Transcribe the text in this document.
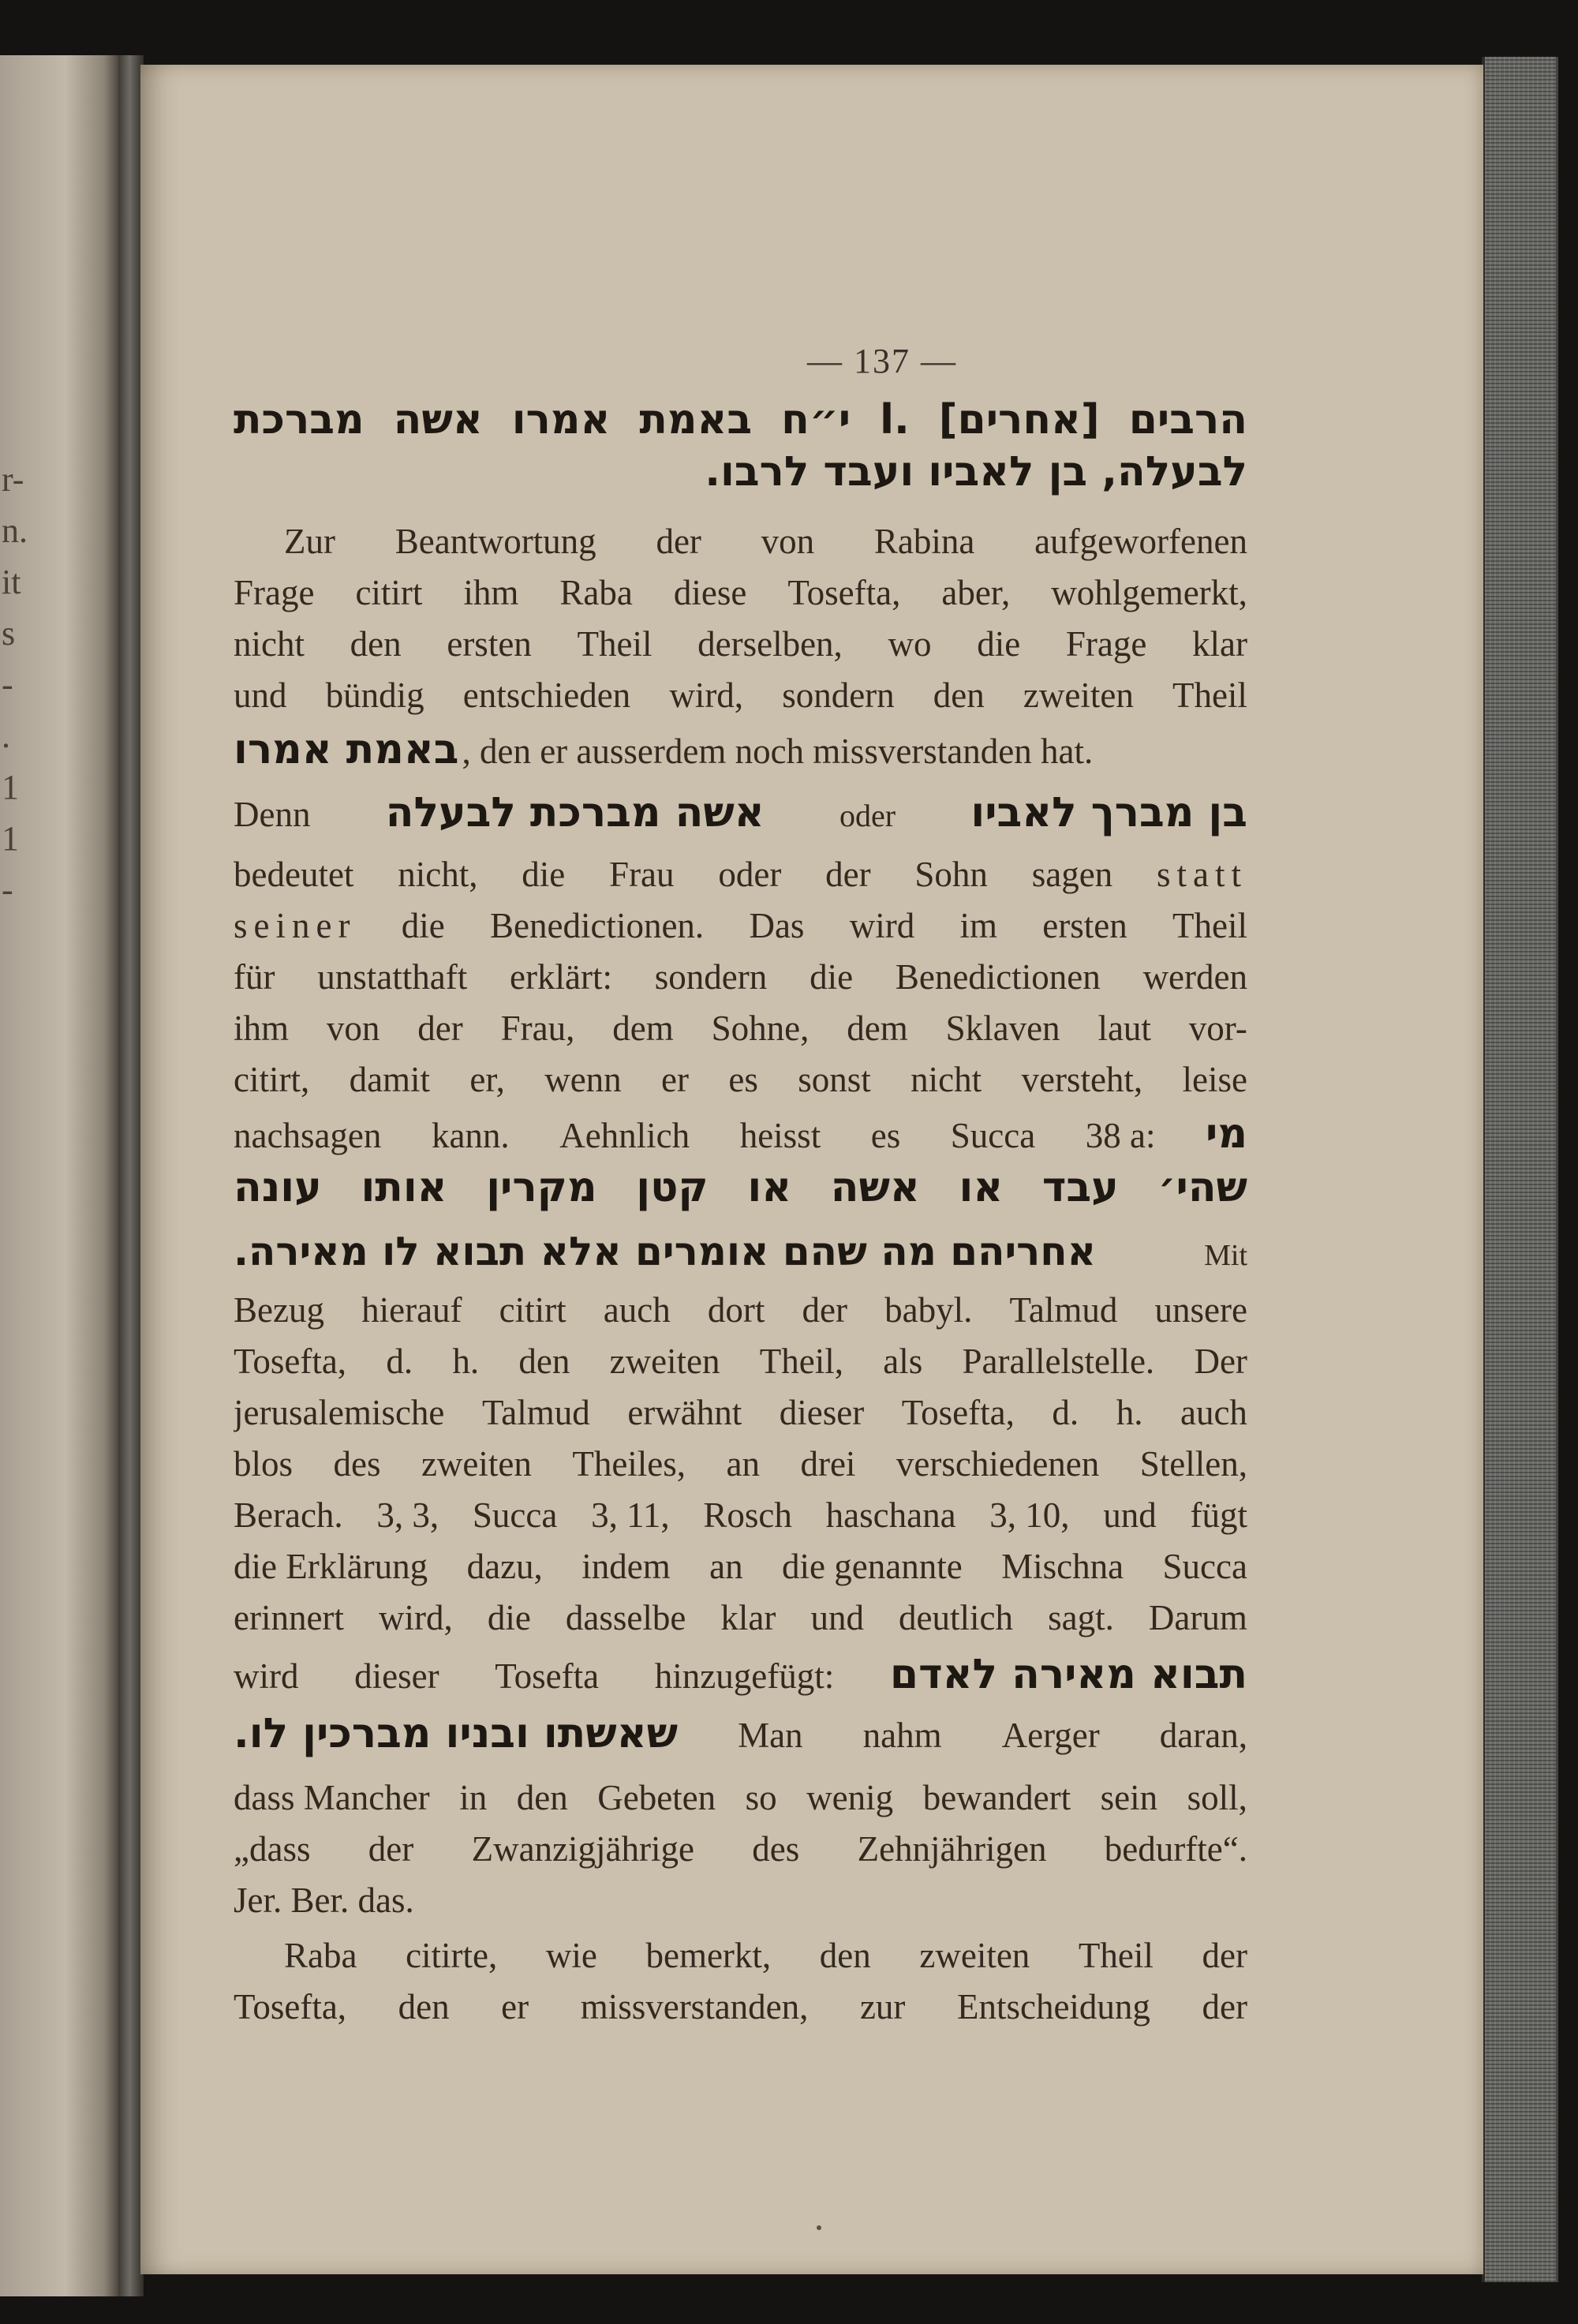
r-
n.
it
s
-
.
1
1
-
— 137 —
הרבים [אחרים] .l י״ח באמת אמרו אשה מברכת
לבעלה, בן לאביו ועבד לרבו.
Zur Beantwortung der von Rabina aufgeworfenen
Frage citirt ihm Raba diese Tosefta, aber, wohlgemerkt,
nicht den ersten Theil derselben, wo die Frage klar
und bündig entschieden wird, sondern den zweiten Theil
באמת אמרו , den er ausserdem noch missverstanden hat.
Denn אשה מברכת לבעלה oder בן מברך לאביו
bedeutet nicht, die Frau oder der Sohn sagen statt
seiner die Benedictionen. Das wird im ersten Theil
für unstatthaft erklärt: sondern die Benedictionen werden
ihm von der Frau, dem Sohne, dem Sklaven laut vor-
citirt, damit er, wenn er es sonst nicht versteht, leise
nachsagen kann. Aehnlich heisst es Succa 38 a: מי
שהי׳ עבד או אשה או קטן מקרין אותו עונה
אחריהם מה שהם אומרים אלא תבוא לו מאירה.	Mit
Bezug hierauf citirt auch dort der babyl. Talmud unsere
Tosefta, d. h. den zweiten Theil, als Parallelstelle. Der
jerusalemische Talmud erwähnt dieser Tosefta, d. h. auch
blos des zweiten Theiles, an drei verschiedenen Stellen,
Berach. 3, 3, Succa 3, 11, Rosch haschana 3, 10, und fügt
die Erklärung dazu, indem an die genannte Mischna Succa
erinnert wird, die dasselbe klar und deutlich sagt. Darum
wird dieser Tosefta hinzugefügt: תבוא מאירה לאדם
שאשתו ובניו מברכין לו. Man nahm Aerger daran,
dass Mancher in den Gebeten so wenig bewandert sein soll,
„dass der Zwanzigjährige des Zehnjährigen bedurfte“.
Jer. Ber. das.
Raba citirte, wie bemerkt, den zweiten Theil der
Tosefta, den er missverstanden, zur Entscheidung der
